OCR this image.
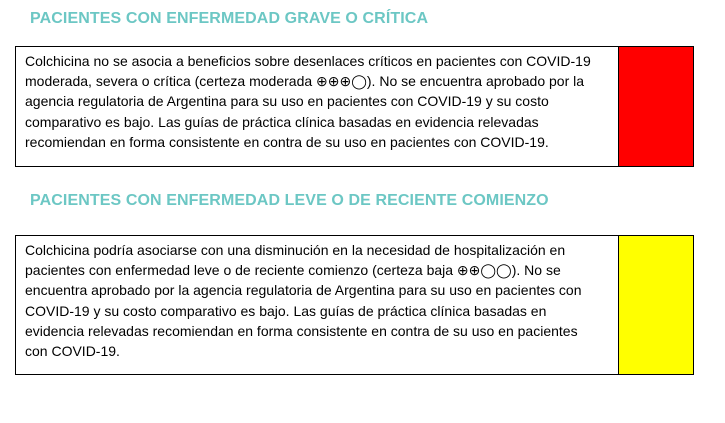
PACIENTES CON ENFERMEDAD GRAVE O CRÍTICA
Colchicina no se asocia a beneficios sobre desenlaces críticos en pacientes con COVID-19
moderada, severa o crítica (certeza moderada ⊕⊕⊕◯). No se encuentra aprobado por la
agencia regulatoria de Argentina para su uso en pacientes con COVID-19 y su costo
comparativo es bajo. Las guías de práctica clínica basadas en evidencia relevadas
recomiendan en forma consistente en contra de su uso en pacientes con COVID-19.
PACIENTES CON ENFERMEDAD LEVE O DE RECIENTE COMIENZO
Colchicina podría asociarse con una disminución en la necesidad de hospitalización en
pacientes con enfermedad leve o de reciente comienzo (certeza baja ⊕⊕◯◯). No se
encuentra aprobado por la agencia regulatoria de Argentina para su uso en pacientes con
COVID-19 y su costo comparativo es bajo. Las guías de práctica clínica basadas en
evidencia relevadas recomiendan en forma consistente en contra de su uso en pacientes
con COVID-19.
